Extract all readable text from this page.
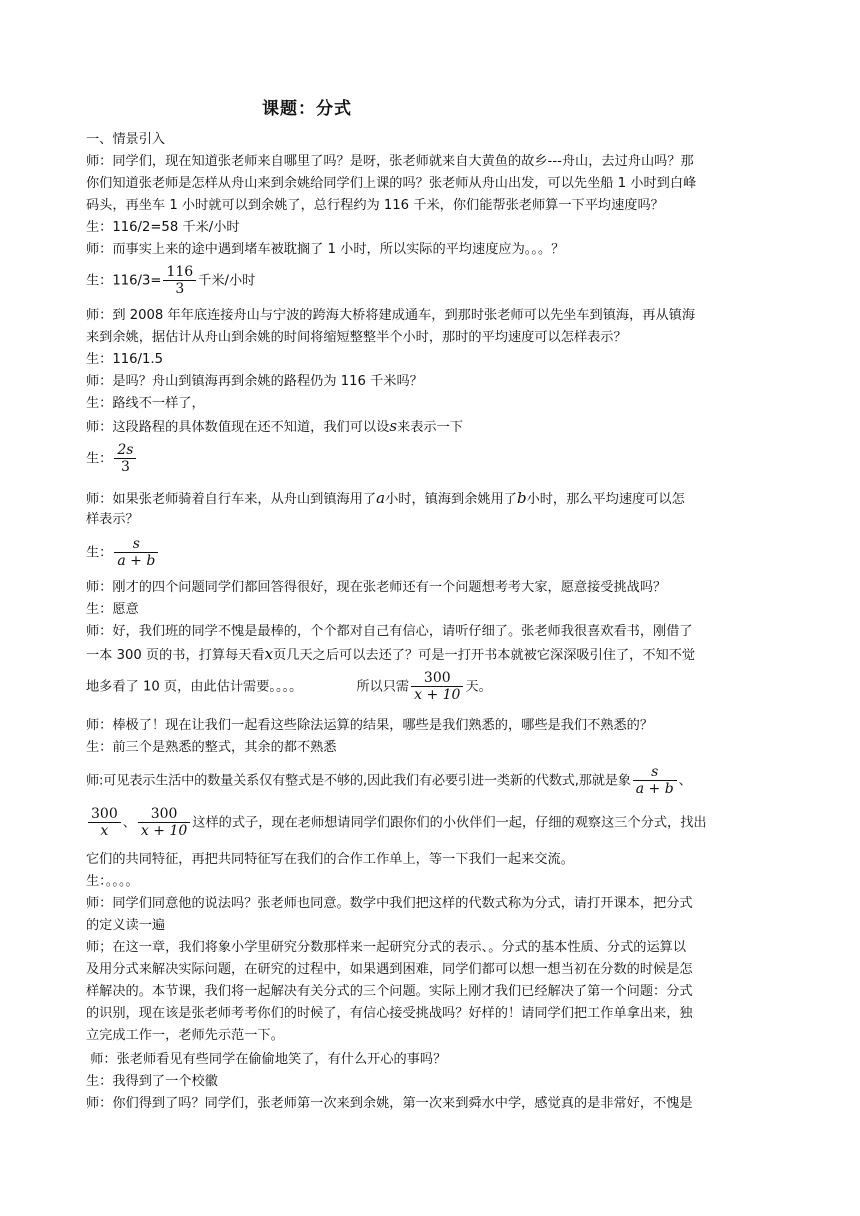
课题：分式
一、情景引入
师：同学们，现在知道张老师来自哪里了吗？是呀，张老师就来自大黄鱼的故乡---舟山，去过舟山吗？那
你们知道张老师是怎样从舟山来到余姚给同学们上课的吗？张老师从舟山出发，可以先坐船 1 小时到白峰
码头，再坐车 1 小时就可以到余姚了，总行程约为 116 千米，你们能帮张老师算一下平均速度吗？
生：116/2=58 千米/小时
师：而事实上来的途中遇到堵车被耽搁了 1 小时，所以实际的平均速度应为。。。？
生：$116/3= \frac{116}{3}$ 千米/小时
师：到 2008 年年底连接舟山与宁波的跨海大桥将建成通车，到那时张老师可以先坐车到镇海，再从镇海
来到余姚，据估计从舟山到余姚的时间将缩短整整半个小时，那时的平均速度可以怎样表示？
生：116/1.5
师：是吗？舟山到镇海再到余姚的路程仍为 116 千米吗？
生：路线不一样了，
师：这段路程的具体数值现在还不知道，我们可以设s来表示一下
生： $\frac{2s}{3}$
师：如果张老师骑着自行车来，从舟山到镇海用了a小时，镇海到余姚用了b小时，那么平均速度可以怎
样表示？
生： $\frac{s}{a + b}$
师：刚才的四个问题同学们都回答得很好，现在张老师还有一个问题想考考大家，愿意接受挑战吗？
生：愿意
师：好，我们班的同学不愧是最棒的，个个都对自己有信心，请听仔细了。张老师我很喜欢看书，刚借了
一本 300 页的书，打算每天看x页几天之后可以去还了？可是一打开书本就被它深深吸引住了，不知不觉
地多看了 10 页，由此估计需要。。。。	所以只需 $\frac{300}{x + 10}$ 天。
师：棒极了！现在让我们一起看这些除法运算的结果，哪些是我们熟悉的，哪些是我们不熟悉的？
生：前三个是熟悉的整式，其余的都不熟悉
师:可见表示生活中的数量关系仅有整式是不够的,因此我们有必要引进一类新的代数式,那就是象 $\frac{s}{a + b}$ 、
$\frac{300}{x}$ 、 $\frac{300}{x + 10}$ 这样的式子，现在老师想请同学们跟你们的小伙伴们一起，仔细的观察这三个分式，找出
它们的共同特征，再把共同特征写在我们的合作工作单上，等一下我们一起来交流。
生：。。。。
师：同学们同意他的说法吗？张老师也同意。数学中我们把这样的代数式称为分式，请打开课本，把分式
的定义读一遍
师；在这一章，我们将象小学里研究分数那样来一起研究分式的表示、。分式的基本性质、分式的运算以
及用分式来解决实际问题，在研究的过程中，如果遇到困难，同学们都可以想一想当初在分数的时候是怎
样解决的。本节课，我们将一起解决有关分式的三个问题。实际上刚才我们已经解决了第一个问题：分式
的识别，现在该是张老师考考你们的时候了，有信心接受挑战吗？好样的！请同学们把工作单拿出来，独
立完成工作一，老师先示范一下。
师：张老师看见有些同学在偷偷地笑了，有什么开心的事吗？
生：我得到了一个校徽
师：你们得到了吗？同学们，张老师第一次来到余姚，第一次来到舜水中学，感觉真的是非常好，不愧是
